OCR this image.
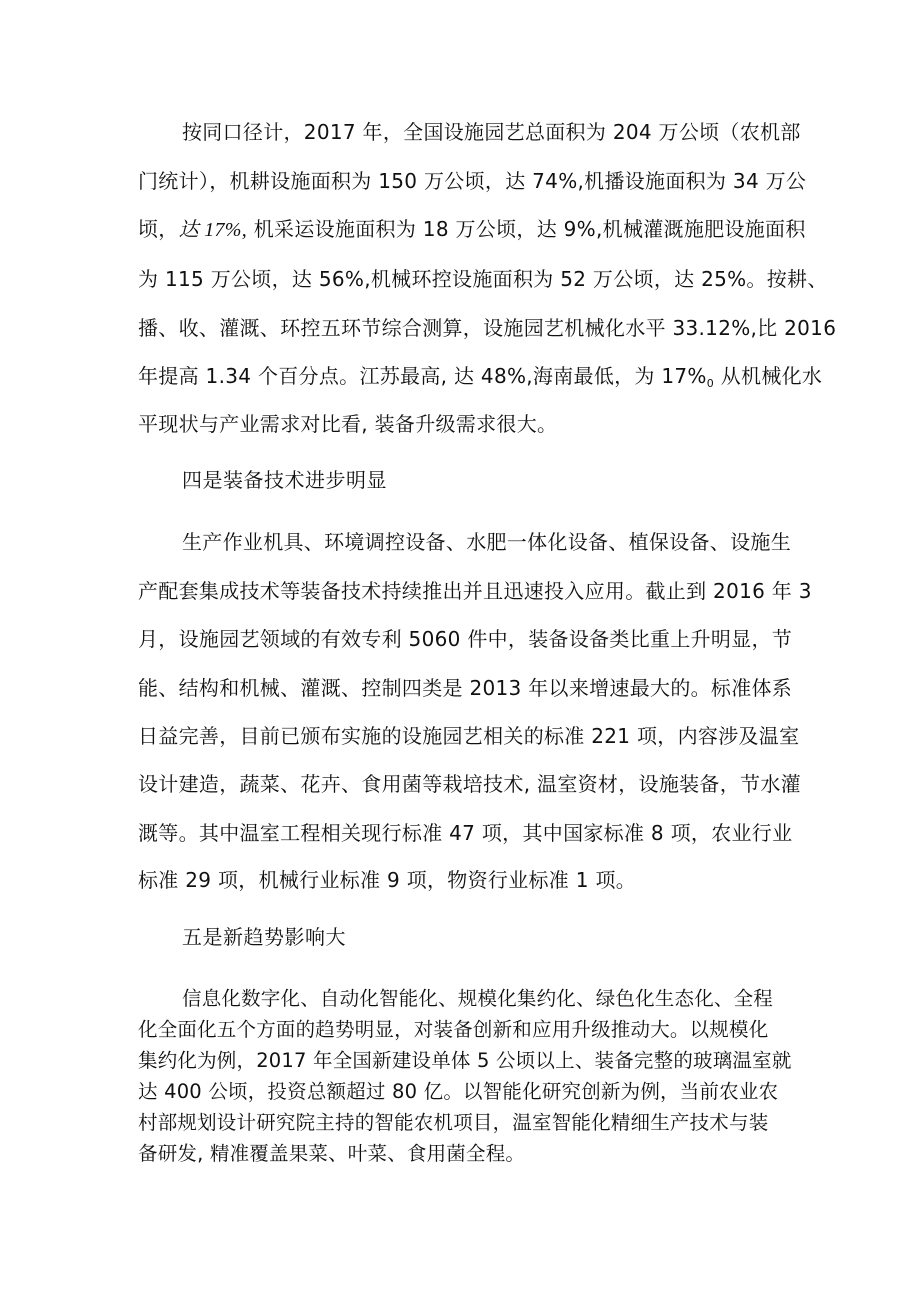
按同口径计，2017 年，全国设施园艺总面积为 204 万公顷（农机部
门统计），机耕设施面积为 150 万公顷，达 74%,机播设施面积为 34 万公
顷，达 17%, 机采运设施面积为 18 万公顷，达 9%,机械灌溉施肥设施面积
为 115 万公顷，达 56%,机械环控设施面积为 52 万公顷，达 25%。按耕、
播、收、灌溉、环控五环节综合测算，设施园艺机械化水平 33.12%,比 2016
年提高 1.34 个百分点。江苏最高, 达 48%,海南最低，为 $17\%_0$ 从机械化水
平现状与产业需求对比看, 装备升级需求很大。
四是装备技术进步明显
生产作业机具、环境调控设备、水肥一体化设备、植保设备、设施生
产配套集成技术等装备技术持续推出并且迅速投入应用。截止到 2016 年 3
月，设施园艺领域的有效专利 5060 件中，装备设备类比重上升明显，节
能、结构和机械、灌溉、控制四类是 2013 年以来增速最大的。标准体系
日益完善，目前已颁布实施的设施园艺相关的标准 221 项，内容涉及温室
设计建造，蔬菜、花卉、食用菌等栽培技术, 温室资材，设施装备，节水灌
溉等。其中温室工程相关现行标准 47 项，其中国家标准 8 项，农业行业
标准 29 项，机械行业标准 9 项，物资行业标准 1 项。
五是新趋势影响大
信息化数字化、自动化智能化、规模化集约化、绿色化生态化、全程
化全面化五个方面的趋势明显，对装备创新和应用升级推动大。以规模化
集约化为例，2017 年全国新建设单体 5 公顷以上、装备完整的玻璃温室就
达 400 公顷，投资总额超过 80 亿。以智能化研究创新为例，当前农业农
村部规划设计研究院主持的智能农机项目，温室智能化精细生产技术与装
备研发, 精准覆盖果菜、叶菜、食用菌全程。
